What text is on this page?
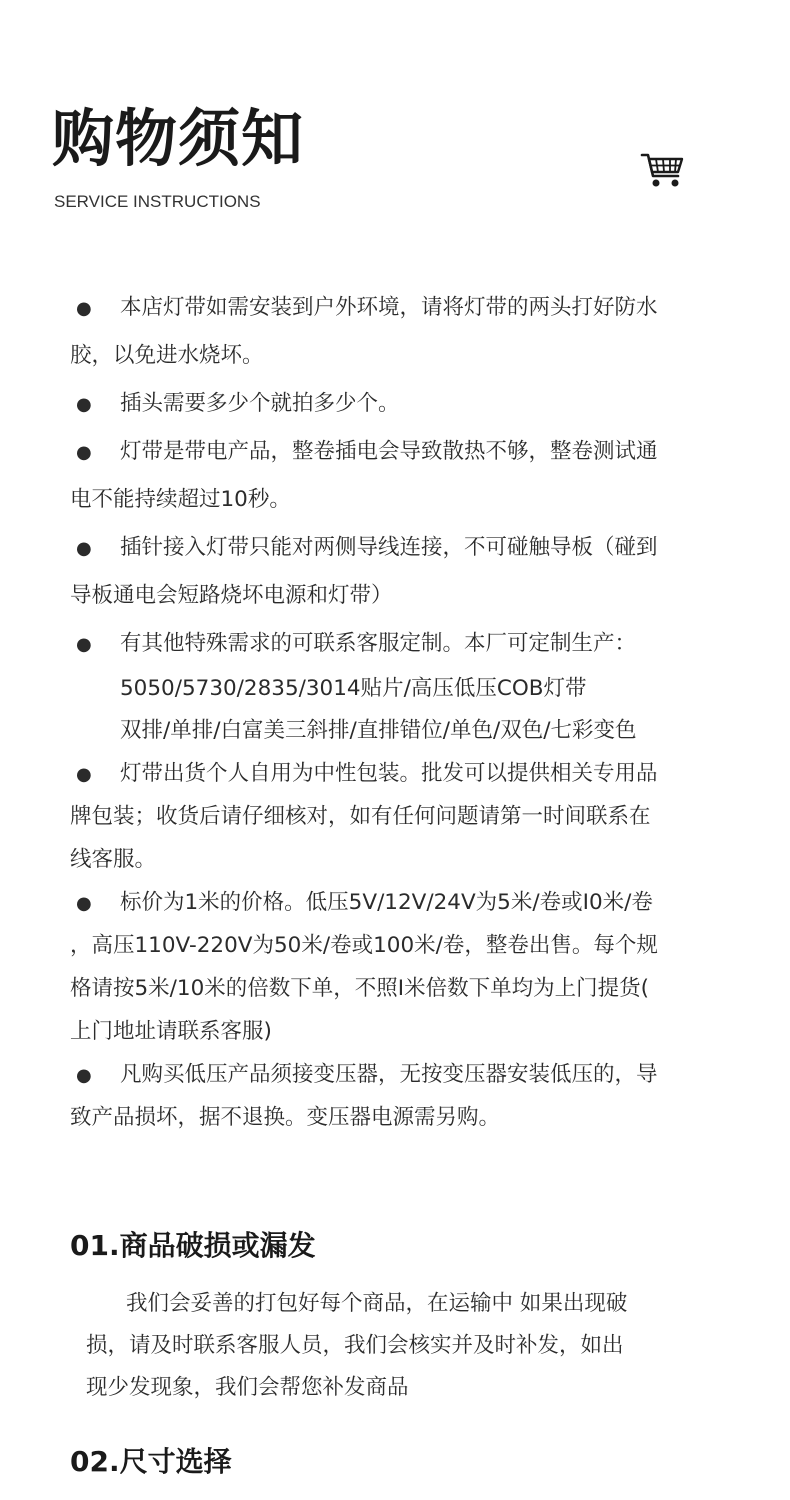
购物须知
SERVICE INSTRUCTIONS
● 本店灯带如需安装到户外环境，请将灯带的两头打好防水
胶，以免进水烧坏。
● 插头需要多少个就拍多少个。
● 灯带是带电产品，整卷插电会导致散热不够，整卷测试通
电不能持续超过10秒。
● 插针接入灯带只能对两侧导线连接，不可碰触导板（碰到
导板通电会短路烧坏电源和灯带）
● 有其他特殊需求的可联系客服定制。本厂可定制生产：
5050/5730/2835/3014贴片/高压低压COB灯带
双排/单排/白富美三斜排/直排错位/单色/双色/七彩变色
● 灯带出货个人自用为中性包装。批发可以提供相关专用品
牌包装；收货后请仔细核对，如有任何问题请第一时间联系在
线客服。
● 标价为1米的价格。低压5V/12V/24V为5米/卷或I0米/卷
，高压110V-220V为50米/卷或100米/卷，整卷出售。每个规
格请按5米/10米的倍数下单，不照I米倍数下单均为上门提货(
上门地址请联系客服)
● 凡购买低压产品须接变压器，无按变压器安装低压的，导
致产品损坏，据不退换。变压器电源需另购。
01.商品破损或漏发
我们会妥善的打包好每个商品，在运输中 如果出现破
损，请及时联系客服人员，我们会核实并及时补发，如出
现少发现象，我们会帮您补发商品
02.尺寸选择
